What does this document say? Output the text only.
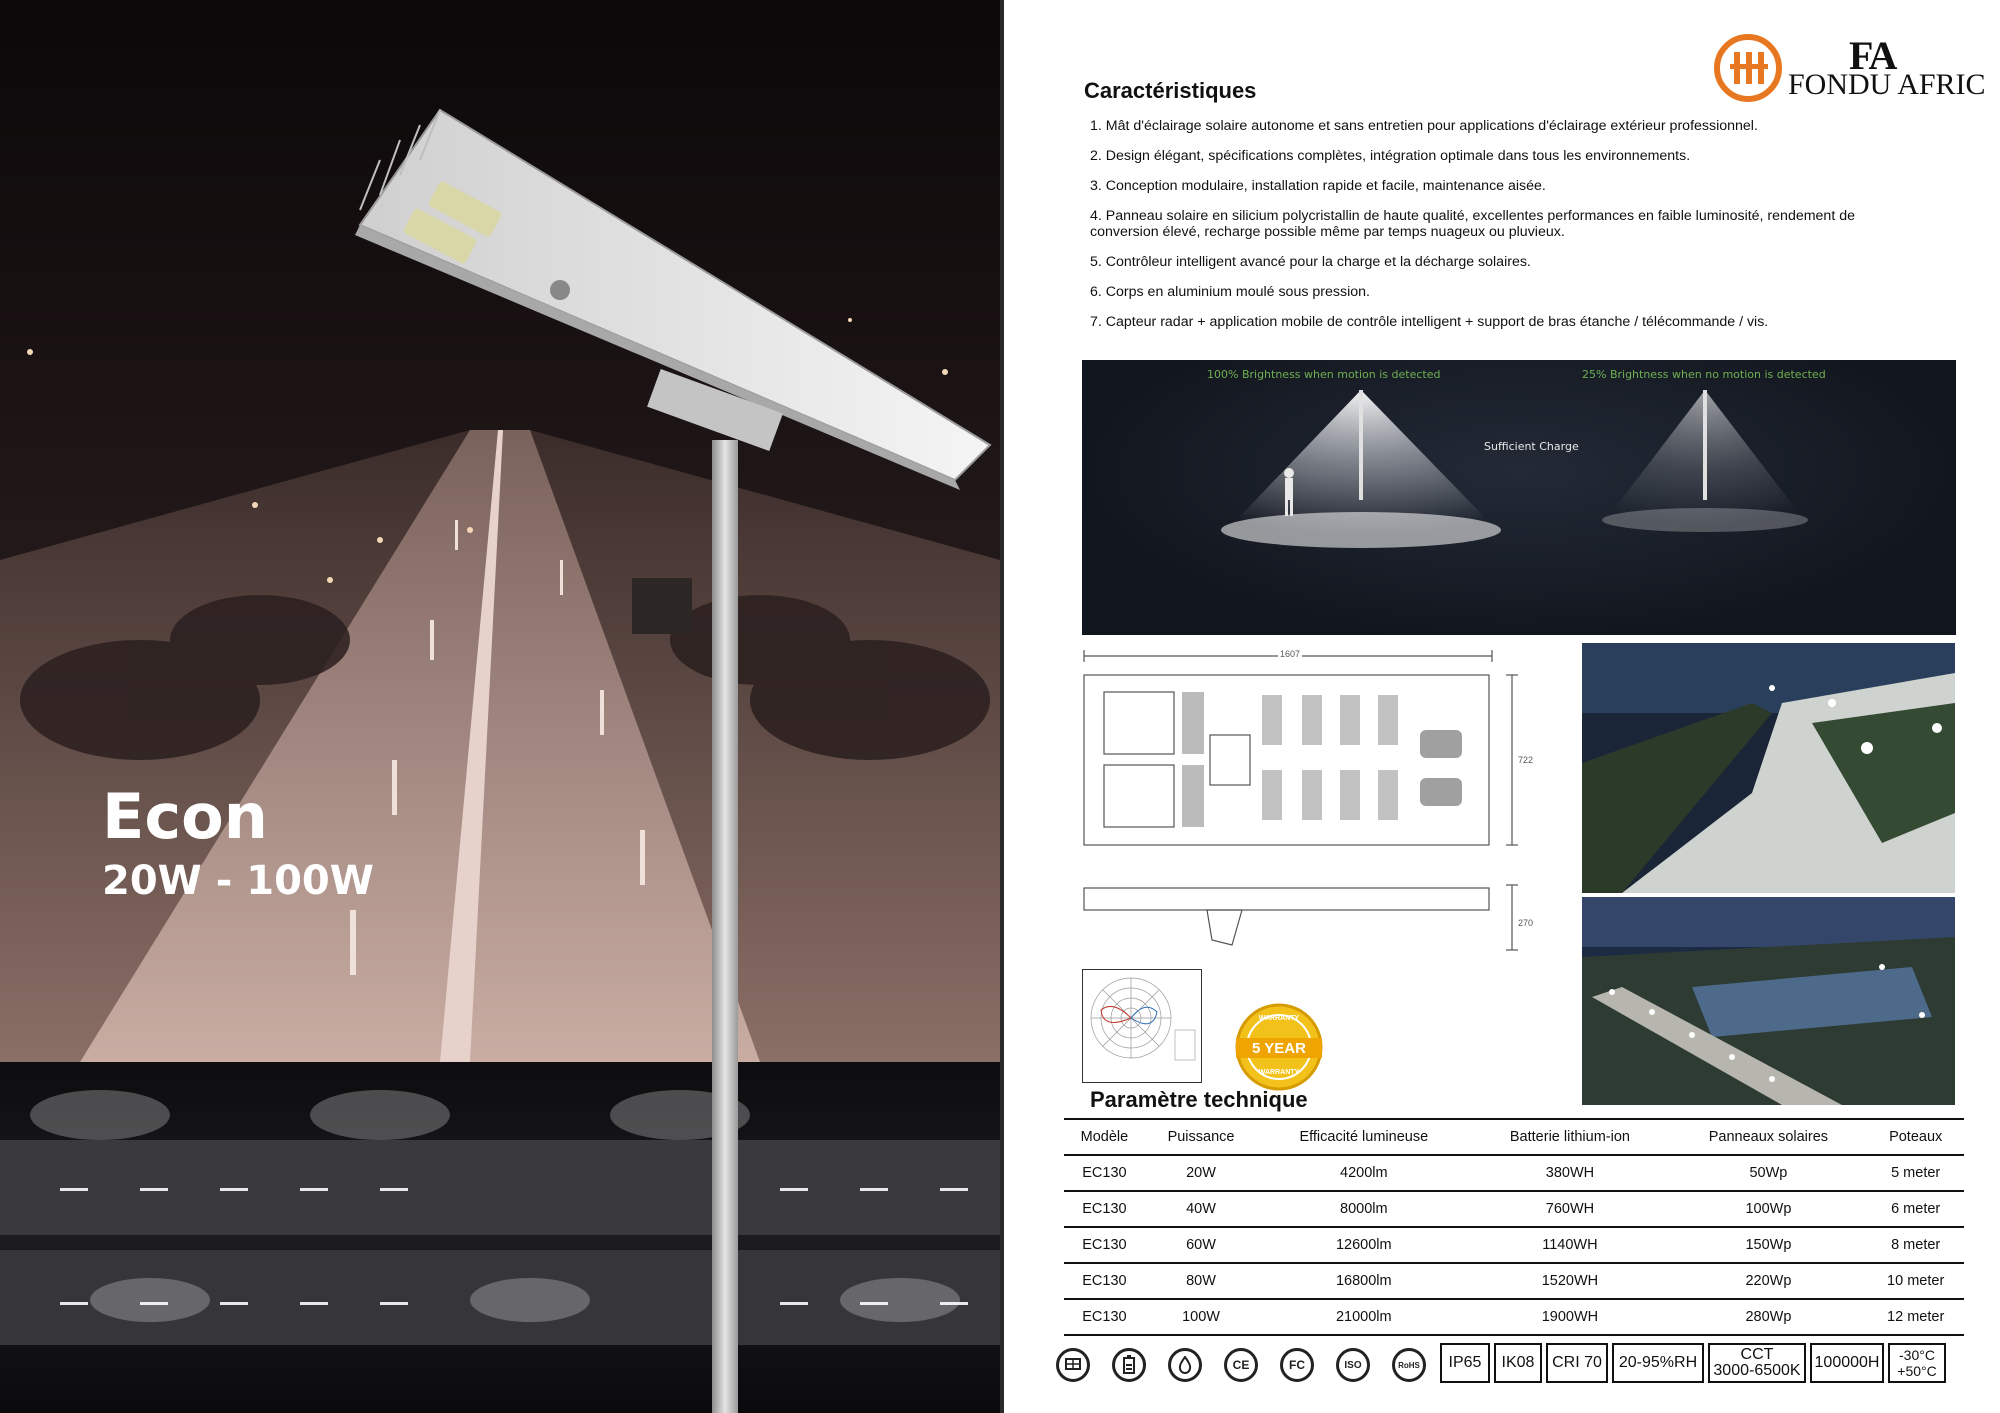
Econ
20W - 100W
FA
FONDU AFRIC
Caractéristiques
1. Mât d'éclairage solaire autonome et sans entretien pour applications d'éclairage extérieur professionnel.
2. Design élégant, spécifications complètes, intégration optimale dans tous les environnements.
3. Conception modulaire, installation rapide et facile, maintenance aisée.
4. Panneau solaire en silicium polycristallin de haute qualité, excellentes performances en faible luminosité, rendement de conversion élevé, recharge possible même par temps nuageux ou pluvieux.
5. Contrôleur intelligent avancé pour la charge et la décharge solaires.
6. Corps en aluminium moulé sous pression.
7. Capteur radar + application mobile de contrôle intelligent + support de bras étanche / télécommande / vis.
100% Brightness when motion is detected
Sufficient Charge
25% Brightness when no motion is detected
1607
722
270
5 YEAR
WARRANTY
WARRANTY
Paramètre technique
Modèle	Puissance	Efficacité lumineuse	Batterie lithium-ion	Panneaux solaires	Poteaux
EC130	20W	4200lm	380WH	50Wp	5 meter
EC130	40W	8000lm	760WH	100Wp	6 meter
EC130	60W	12600lm	1140WH	150Wp	8 meter
EC130	80W	16800lm	1520WH	220Wp	10 meter
EC130	100W	21000lm	1900WH	280Wp	12 meter
CE	FC	ISO	RoHS	IP65 IK08 CRI 70 20-95%RH	CCT
3000-6500K 100000H -30°C
+50°C
